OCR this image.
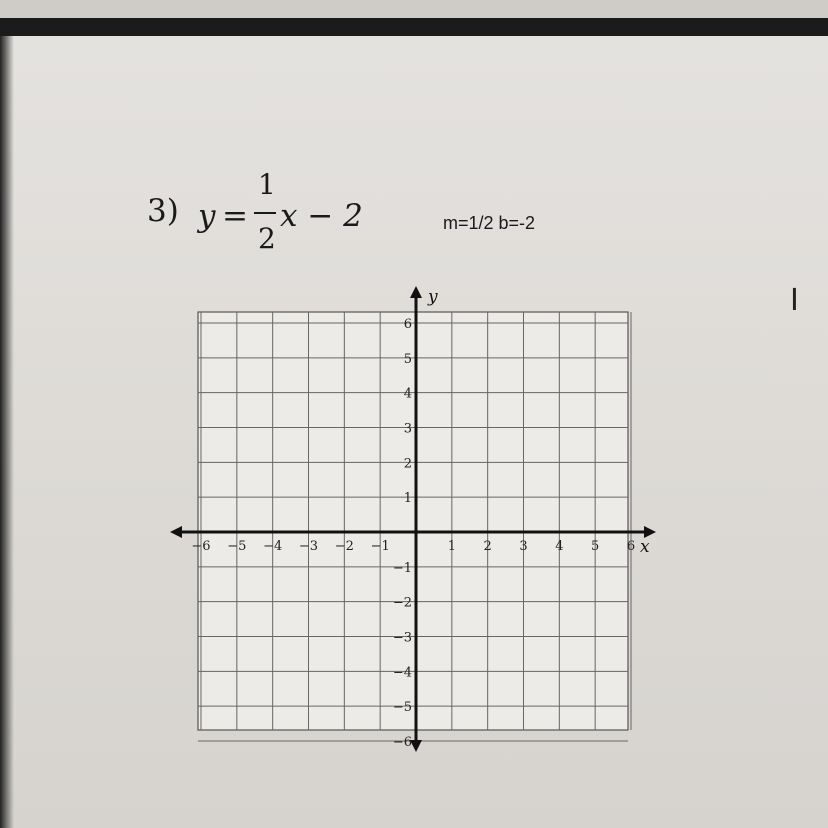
3) y =
1
2
x − 2	m=1/2 b=-2
I
x
y
−6 −5 −4 −3 −2 −1	1 2 3 4 5 6
6
5
4
3
2
1
−1
−2
−3
−4
−5
−6
